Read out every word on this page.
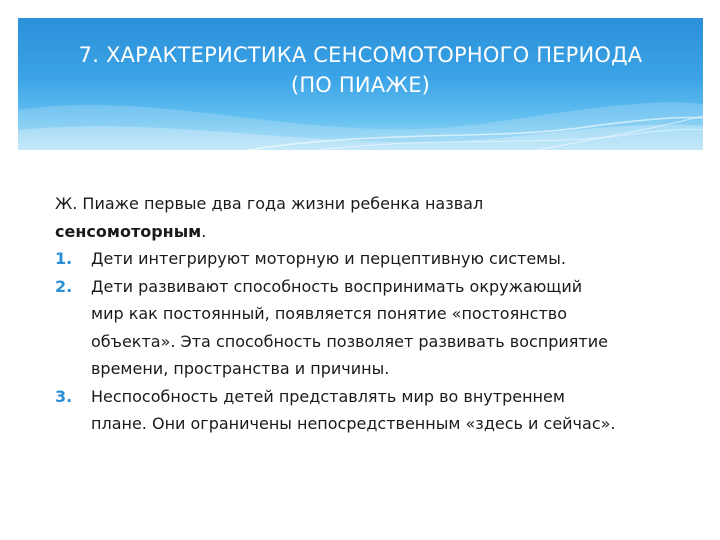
7. ХАРАКТЕРИСТИКА СЕНСОМОТОРНОГО ПЕРИОДА
(ПО ПИАЖЕ)

Ж. Пиаже первые два года жизни ребенка назвал
сенсомоторным.

1. Дети интегрируют моторную и перцептивную системы.
2. Дети развивают способность воспринимать окружающий
мир как постоянный, появляется понятие «постоянство
объекта». Эта способность позволяет развивать восприятие
времени, пространства и причины.
3. Неспособность детей представлять мир во внутреннем
плане. Они ограничены непосредственным «здесь и сейчас».
